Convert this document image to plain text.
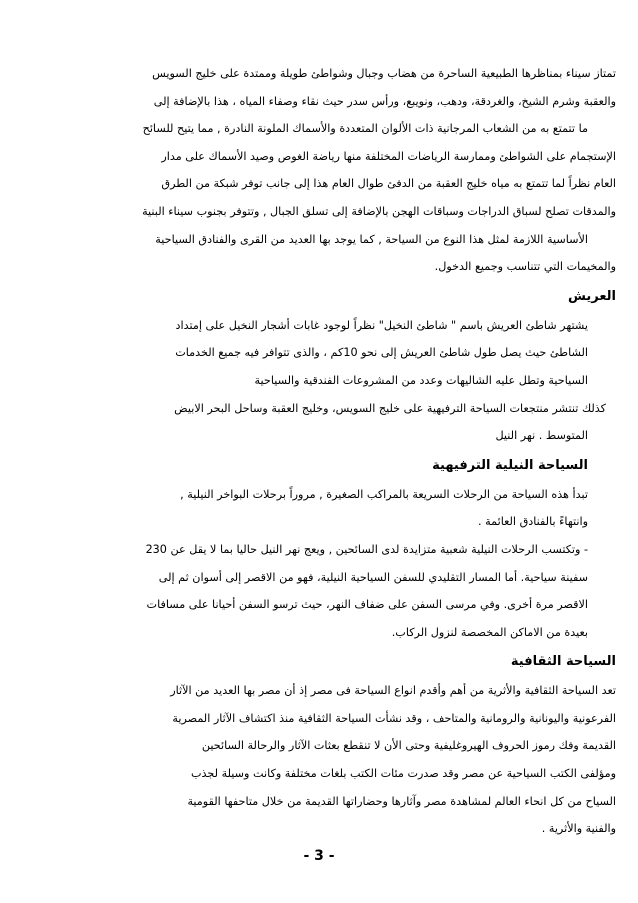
تمتاز سيناء بمناظرها الطبيعية الساحرة من هضاب وجبال وشواطئ طويلة وممتدة على خليج السويس
والعقبة وشرم الشيخ، والغردقة، ودهب، ونويبع، ورأس سدر حيث نقاء وصفاء المياه ، هذا بالإضافة إلى
ما تتمتع به من الشعاب المرجانية ذات الألوان المتعددة والأسماك الملونة النادرة , مما يتيح للسائح
الإستجمام على الشواطئ وممارسة الرياضات المختلفة منها رياضة الغوص وصيد الأسماك على مدار
العام نظراً لما تتمتع به مياه خليج العقبة من الدفئ طوال العام هذا إلى جانب توفر شبكة من الطرق
والمدقات تصلح لسباق الدراجات وسباقات الهجن بالإضافة إلى تسلق الجبال , وتتوفر بجنوب سيناء البنية
الأساسية اللازمة لمثل هذا النوع من السياحة , كما يوجد بها العديد من القرى والفنادق السياحية
والمخيمات التي تتناسب وجميع الدخول.
العريش
يشتهر شاطئ العريش باسم " شاطئ النخيل" نظراً لوجود غابات أشجار النخيل على إمتداد
الشاطئ حيث يصل طول شاطئ العريش إلى نحو 10كم ، والذى تتوافر فيه جميع الخدمات
السياحية وتطل عليه الشاليهات وعدد من المشروعات الفندقية والسياحية
كذلك تنتشر منتجعات السياحة الترفيهية على خليج السويس، وخليج العقبة وساحل البحر الابيض
المتوسط . نهر النيل
السياحة النيلية الترفيهية
تبدأ هذه السياحة من الرحلات السريعة بالمراكب الصغيرة , مروراً برحلات البواخر النيلية ,
وانتهاءً بالفنادق العائمة .
- وتكتسب الرحلات النيلية شعبية متزايدة لدى السائحين , ويعج نهر النيل حاليا بما لا يقل عن 230
سفينة سياحية. أما المسار التقليدي للسفن السياحية النيلية، فهو من الاقصر إلى أسوان ثم إلى
الاقصر مرة أخرى. وفي مرسى السفن على ضفاف النهر، حيث ترسو السفن أحيانا على مسافات
بعيدة من الاماكن المخصصة لنزول الركاب.
السياحة الثقافية
تعد السياحة الثقافية والأثرية من أهم وأقدم انواع السياحة فى مصر إذ أن مصر بها العديد من الآثار
الفرعونية واليونانية والرومانية والمتاحف ، وقد نشأت السياحة الثقافية منذ اكتشاف الآثار المصرية
القديمة وفك رموز الحروف الهيروغليفية وحتى الأن لا تنقطع بعثات الآثار والرحالة السائحين
ومؤلفى الكتب السياحية عن مصر وقد صدرت مئات الكتب بلغات مختلفة وكانت وسيلة لجذب
السياح من كل انحاء العالم لمشاهدة مصر وآثارها وحضاراتها القديمة من خلال متاحفها القومية
والفنية والأثرية .
- 3 -
